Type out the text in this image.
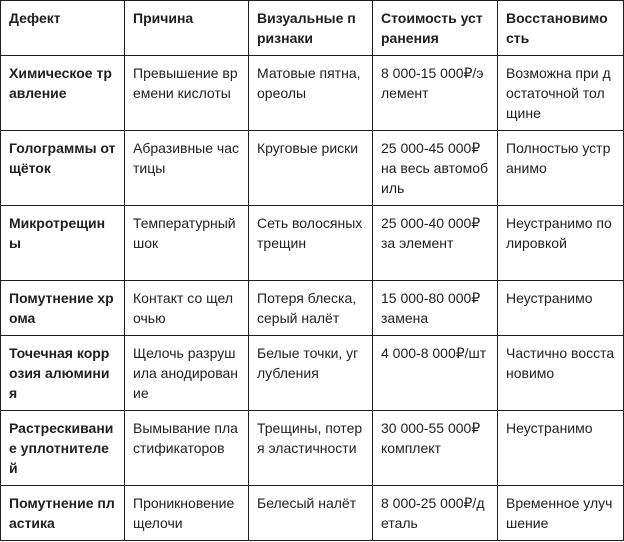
Дефект	Причина	Визуальные признаки	Стоимость устранения	Восстановимость
Химическое травление	Превышение времени кислоты	Матовые пятна, ореолы	8 000-15 000₽/элемент	Возможна при достаточной толщине
Голограммы от щёток	Абразивные частицы	Круговые риски	25 000-45 000₽ на весь автомобиль	Полностью устранимо
Микротрещины	Температурный шок	Сеть волосяных трещин	25 000-40 000₽ за элемент	Неустранимо полировкой
Помутнение хрома	Контакт со щелочью	Потеря блеска, серый налёт	15 000-80 000₽ замена	Неустранимо
Точечная коррозия алюминия	Щелочь разрушила анодирование	Белые точки, углубления	4 000-8 000₽/шт	Частично восстановимо
Растрескивание уплотнителей	Вымывание пластификаторов	Трещины, потеря эластичности	30 000-55 000₽ комплект	Неустранимо
Помутнение пластика	Проникновение щелочи	Белесый налёт	8 000-25 000₽/деталь	Временное улучшение
